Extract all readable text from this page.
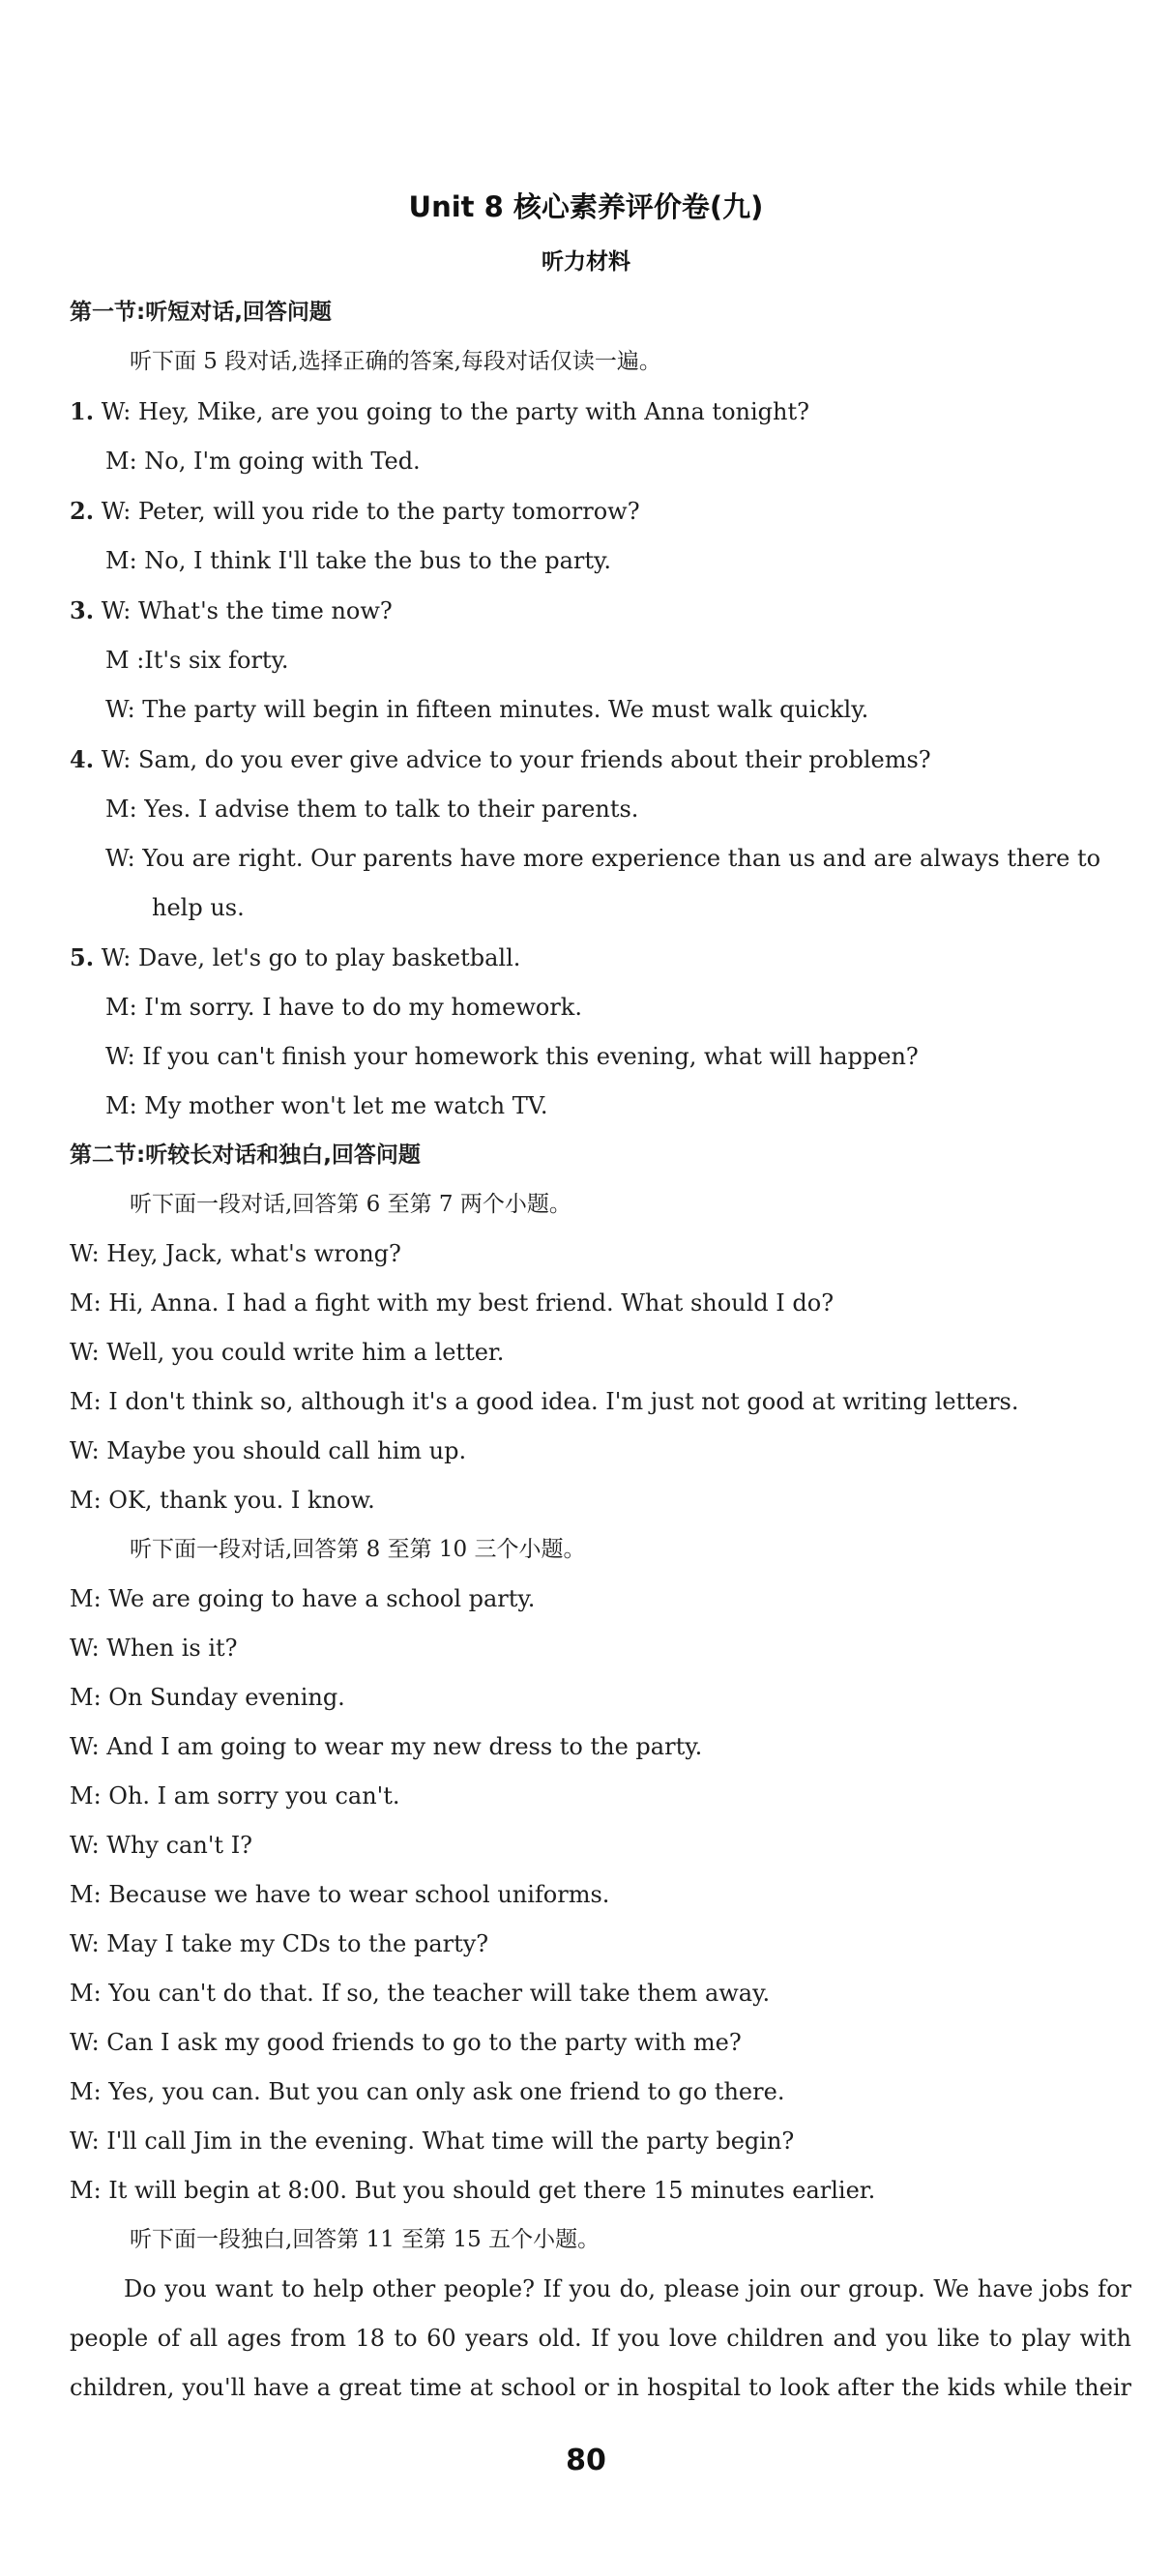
Unit 8 核心素养评价卷(九)
听力材料
第一节:听短对话,回答问题
听下面 5 段对话,选择正确的答案,每段对话仅读一遍。
1. W: Hey, Mike, are you going to the party with Anna tonight?
M: No, I'm going with Ted.
2. W: Peter, will you ride to the party tomorrow?
M: No, I think I'll take the bus to the party.
3. W: What's the time now?
M :It's six forty.
W: The party will begin in fifteen minutes. We must walk quickly.
4. W: Sam, do you ever give advice to your friends about their problems?
M: Yes. I advise them to talk to their parents.
W: You are right. Our parents have more experience than us and are always there to
help us.
5. W: Dave, let's go to play basketball.
M: I'm sorry. I have to do my homework.
W: If you can't finish your homework this evening, what will happen?
M: My mother won't let me watch TV.
第二节:听较长对话和独白,回答问题
听下面一段对话,回答第 6 至第 7 两个小题。
W: Hey, Jack, what's wrong?
M: Hi, Anna. I had a fight with my best friend. What should I do?
W: Well, you could write him a letter.
M: I don't think so, although it's a good idea. I'm just not good at writing letters.
W: Maybe you should call him up.
M: OK, thank you. I know.
听下面一段对话,回答第 8 至第 10 三个小题。
M: We are going to have a school party.
W: When is it?
M: On Sunday evening.
W: And I am going to wear my new dress to the party.
M: Oh. I am sorry you can't.
W: Why can't I?
M: Because we have to wear school uniforms.
W: May I take my CDs to the party?
M: You can't do that. If so, the teacher will take them away.
W: Can I ask my good friends to go to the party with me?
M: Yes, you can. But you can only ask one friend to go there.
W: I'll call Jim in the evening. What time will the party begin?
M: It will begin at 8:00. But you should get there 15 minutes earlier.
听下面一段独白,回答第 11 至第 15 五个小题。
Do you want to help other people? If you do, please join our group. We have jobs for
people of all ages from 18 to 60 years old. If you love children and you like to play with
children, you'll have a great time at school or in hospital to look after the kids while their
80
